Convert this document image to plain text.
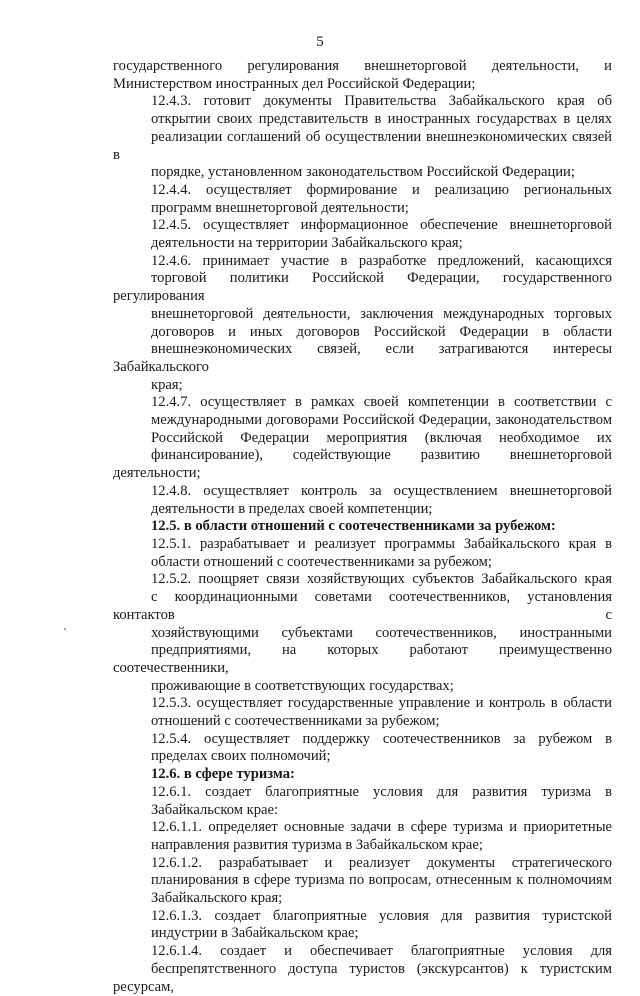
5
государственного регулирования внешнеторговой деятельности, и
Министерством иностранных дел Российской Федерации;
12.4.3. готовит документы Правительства Забайкальского края об
открытии своих представительств в иностранных государствах в целях
реализации соглашений об осуществлении внешнеэкономических связей в
порядке, установленном законодательством Российской Федерации;
12.4.4. осуществляет формирование и реализацию региональных
программ внешнеторговой деятельности;
12.4.5. осуществляет информационное обеспечение внешнеторговой
деятельности на территории Забайкальского края;
12.4.6. принимает участие в разработке предложений, касающихся
торговой политики Российской Федерации, государственного регулирования
внешнеторговой деятельности, заключения международных торговых
договоров и иных договоров Российской Федерации в области
внешнеэкономических связей, если затрагиваются интересы Забайкальского
края;
12.4.7. осуществляет в рамках своей компетенции в соответствии с
международными договорами Российской Федерации, законодательством
Российской Федерации мероприятия (включая необходимое их
финансирование), содействующие развитию внешнеторговой деятельности;
12.4.8. осуществляет контроль за осуществлением внешнеторговой
деятельности в пределах своей компетенции;
12.5. в области отношений с соотечественниками за рубежом:
12.5.1. разрабатывает и реализует программы Забайкальского края в
области отношений с соотечественниками за рубежом;
12.5.2. поощряет связи хозяйствующих субъектов Забайкальского края
с координационными советами соотечественников, установления контактов с
хозяйствующими субъектами соотечественников, иностранными
предприятиями, на которых работают преимущественно соотечественники,
проживающие в соответствующих государствах;
12.5.3. осуществляет государственные управление и контроль в области
отношений с соотечественниками за рубежом;
12.5.4. осуществляет поддержку соотечественников за рубежом в
пределах своих полномочий;
12.6. в сфере туризма:
12.6.1. создает благоприятные условия для развития туризма в
Забайкальском крае:
12.6.1.1. определяет основные задачи в сфере туризма и приоритетные
направления развития туризма в Забайкальском крае;
12.6.1.2. разрабатывает и реализует документы стратегического
планирования в сфере туризма по вопросам, отнесенным к полномочиям
Забайкальского края;
12.6.1.3. создает благоприятные условия для развития туристской
индустрии в Забайкальском крае;
12.6.1.4. создает и обеспечивает благоприятные условия для
беспрепятственного доступа туристов (экскурсантов) к туристским ресурсам,
